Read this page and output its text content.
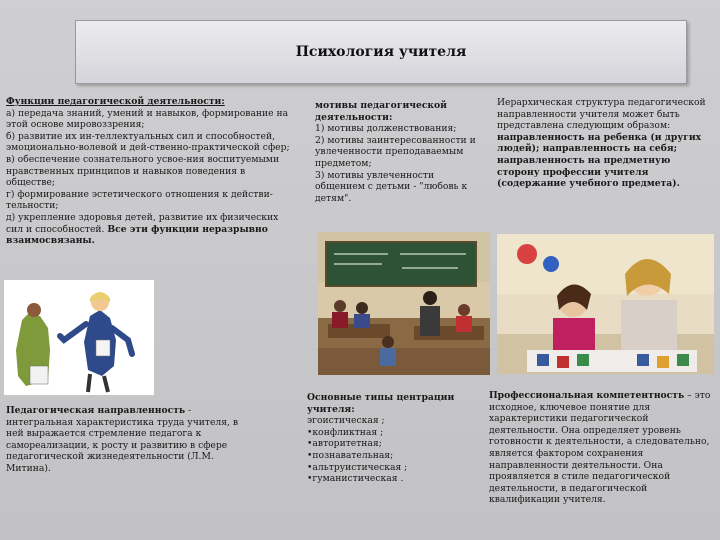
Психология учителя

Функции педагогической деятельности:

а) передача знаний, умений и навыков, формирование на этой основе мировоззрения;

б) развитие их ин-теллектуальных сил и способностей, эмоционально-волевой и дей-ственно-практической сфер;

в) обеспечение сознательного усвое-ния воспитуемыми нравственных принципов и навыков поведения в обществе;

г) формирование эстетического отношения к действи-тельности;

д) укрепление здоровья детей, развитие их физических сил и способностей. Все эти функции неразрывно взаимосвязаны.

мотивы педагогической деятельности:

1) мотивы долженствования;

2) мотивы заинтересованности и увлеченности преподаваемым предметом;

3) мотивы увлеченности общением с детьми - "любовь к детям".

Иерархическая структура педагогической направленности учителя может быть представлена следующим образом: направленность на ребенка (и других людей); направленность на себя; направленность на предметную сторону профессии учителя (содержание учебного предмета).

Педагогическая направленность - интегральная характеристика труда учителя, в ней выражается стремление педагога к самореализации, к росту и развитию в сфере педагогической жизнедеятельности (Л.М. Митина).

Основные типы центрации учителя:

эгоистическая ;

•конфликтная ;

•авторитетная;

•познавательная;

•альтруистическая ;

•гуманистическая .

Профессиональная компетентность – это исходное, ключевое понятие для характеристики педагогической деятельности. Она определяет уровень готовности к деятельности, а следовательно, является фактором сохранения направленности деятельности. Она проявляется в стиле педагогической деятельности, в педагогической квалификации учителя.
